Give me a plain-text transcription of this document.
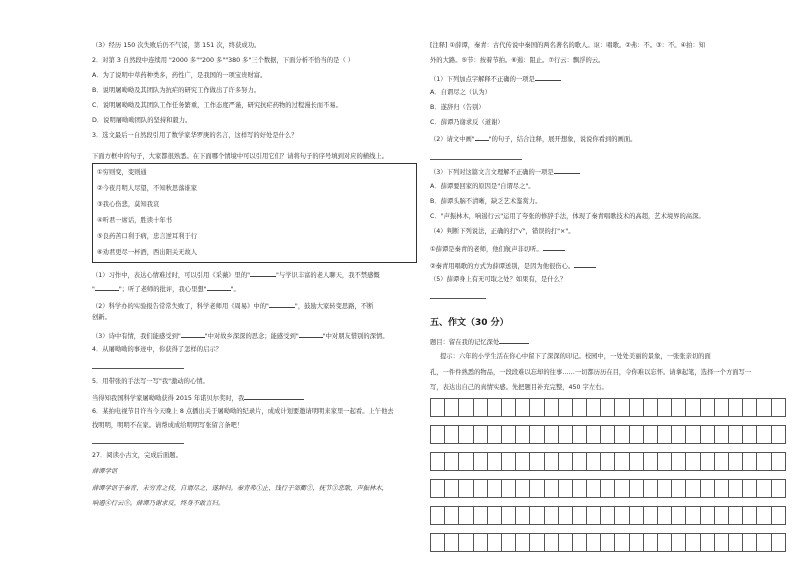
（3）经历 150 次失败后仍不气馁，第 151 次，终获成功。
2．对第 3 自然段中连续用 "2000 多""200 多""380 多"三个数据，下面分析不恰当的是（ ）
A．为了说明中草药种类多，药性广，是我国的一项宝贵财富。
B．说明屠呦呦及其团队为抗疟的研究工作做出了许多努力。
C．说明屠呦呦及其团队工作任务繁重，工作态度严谨，研究抗疟药物的过程漫长而不易。
D．说明屠呦呦团队的坚持和毅力。
3．选文最后一自然段引用了数学家华罗庚的名言，这样写的好处是什么？
下面方框中的句子，大家都很熟悉。在下面哪个情境中可以引用它们？请将句子的序号填到对应的横线上。
①穷则变，变则通
②今夜月明人尽望，不知秋思落谁家
③我心伤悲，莫知我哀
④听君一席话，胜读十年书
⑤良药苦口利于病，忠言逆耳利于行
⑥劝君更尽一杯酒，西出阳关无故人
（1）习作中，表达心情难过时，可以引用《采薇》里的"	"与学识丰富的老人聊天，我不禁感慨
"	"；听了老师的批评，我心里想"	"。
（2）科学办的实验报告常常失败了，科学老师用《周易》中的"	"，鼓励大家转变思路，不断
创新。
（3）诗中有情，我们能感受到"	"中对故乡深深的思念；能感受到"	"中对朋友惜别的深情。
4．从屠呦呦的事迹中，你获得了怎样的启示？
5．用带张的手法写一写"我"激动的心情。
当得知我国科学家屠呦呦获得 2015 年诺贝尔奖时，我
6．某拍电视节目许当今天晚上 8 点播出关于屠呦呦的纪录片，成成计划要邀请明明来家里一起看。上午他去
找明明，明明不在家。请帮成成给明明写张留言条吧！
27．阅读小古文，完成后面题。
薛谭学讴
薛谭学讴于秦青，未穷青之技，自谓尽之，遂辞归。秦青弗①止，饯行于郊衢②，抚节③悲歌，声振林木，
响遏④行云⑤。薛谭乃谢求反，终身不敢言归。
[注释] ①薛谭，秦青：古代传说中秦国的两名著名的歌人。讴：唱歌。②弗：不。③：不。④拍：知
外的大路。⑤节：按着节拍。⑥遏：阻止。⑦行云：飘浮的云。
（1）下列加点字解释不正确的一项是
A．自谓尽之（认为）
B．遂辞归（告别）
C．薛谭乃谢求反（道谢）
（2）请文中画" "的句子，结合注释，展开想象，说说你看到的画面。
（3）下列对这篇文言文理解不正确的一项是
A．薛谭要回家的原因是"自谓尽之"。
B．薛谭头脑不清晰，缺乏艺术鉴赏力。
C．"声振林木，响遏行云"运用了夸张的修辞手法，体现了秦青唱歌技术的高超，艺术境界的高深。
（4）判断下列说法，正确的打"√"，错误的打"×"。
①薛谭是秦青的老师，他们航声非切听。
②秦青用唱歌的方式为薛谭送别，是因为他很伤心。
（5）薛谭身上有无可取之处？如果有，是什么？
五、作文（30 分）
题目：留在我的记忆深处
提示：六年的小学生活在你心中留下了深深的印记。校园中，一处处美丽的景象，一张张亲切的面
孔，一件件熟悉的物品，一段段难以忘却的往事……一切都历历在目，令你难以忘怀。请拿起笔，选择一个方面写一
写，表达出自己的真情实感。先把题目补充完整，450 字左右。
